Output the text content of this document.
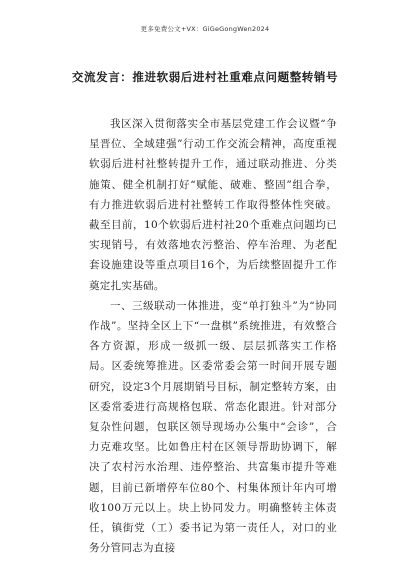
更多免费公文+VX：GiGeGongWen2024
交流发言：推进软弱后进村社重难点问题整转销号

我区深入贯彻落实全市基层党建工作会议暨“争星晋位、全域建强”行动工作交流会精神，高度重视软弱后进村社整转提升工作，通过联动推进、分类施策、健全机制打好“赋能、破难、整固”组合拳，有力推进软弱后进村社整转工作取得整体性突破。截至目前，10个软弱后进村社20个重难点问题均已实现销号，有效落地农污整治、停车治理、为老配套设施建设等重点项目16个，为后续整固提升工作奠定扎实基础。

一、三级联动一体推进，变“单打独斗”为“协同作战”。坚持全区上下“一盘棋”系统推进，有效整合各方资源，形成一级抓一级、层层抓落实工作格局。区委统筹推进。区委常委会第一时间开展专题研究，设定3个月展期销号目标，制定整转方案，由区委常委进行高规格包联、常态化跟进。针对部分复杂性问题，包联区领导现场办公集中“会诊”，合力克难攻坚。比如鲁庄村在区领导帮助协调下，解决了农村污水治理、违停整治、共富集市提升等难题，目前已新增停车位80个、村集体预计年内可增收100万元以上。块上协同发力。明确整转主体责任，镇街党（工）委书记为第一责任人，对口的业务分管同志为直接
